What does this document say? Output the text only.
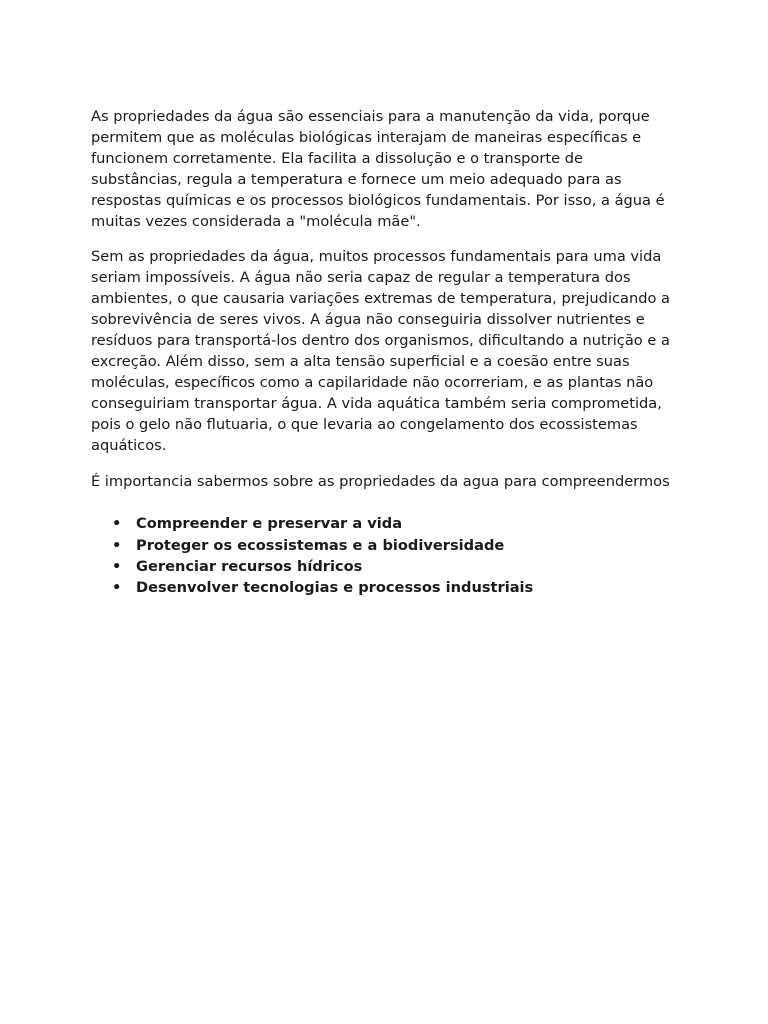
As propriedades da água são essenciais para a manutenção da vida, porque permitem que as moléculas biológicas interajam de maneiras específicas e funcionem corretamente. Ela facilita a dissolução e o transporte de substâncias, regula a temperatura e fornece um meio adequado para as respostas químicas e os processos biológicos fundamentais. Por isso, a água é muitas vezes considerada a "molécula mãe".

Sem as propriedades da água, muitos processos fundamentais para uma vida seriam impossíveis. A água não seria capaz de regular a temperatura dos ambientes, o que causaria variações extremas de temperatura, prejudicando a sobrevivência de seres vivos. A água não conseguiria dissolver nutrientes e resíduos para transportá-los dentro dos organismos, dificultando a nutrição e a excreção. Além disso, sem a alta tensão superficial e a coesão entre suas moléculas, específicos como a capilaridade não ocorreriam, e as plantas não conseguiriam transportar água. A vida aquática também seria comprometida, pois o gelo não flutuaria, o que levaria ao congelamento dos ecossistemas aquáticos.

É importancia sabermos sobre as propriedades da agua para compreendermos

• Compreender e preservar a vida
• Proteger os ecossistemas e a biodiversidade
• Gerenciar recursos hídricos
• Desenvolver tecnologias e processos industriais
